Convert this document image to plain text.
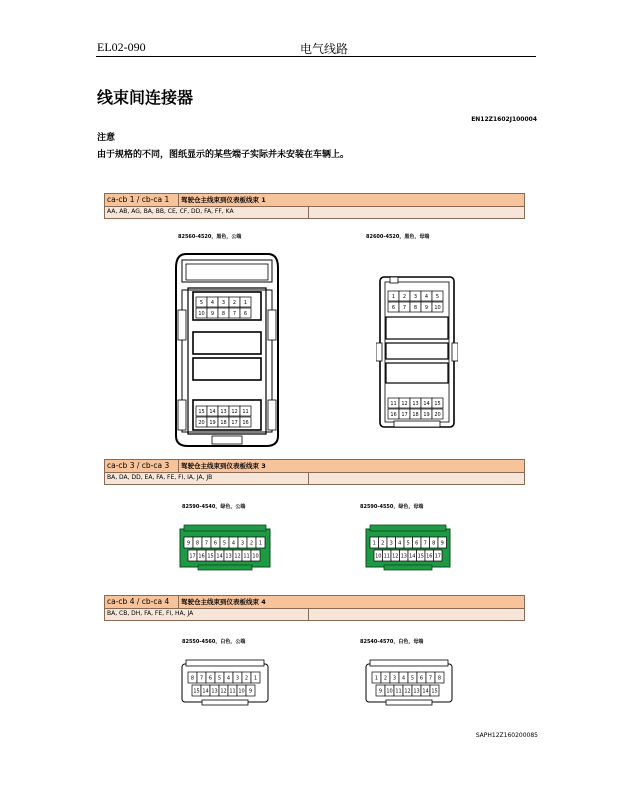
EL02-090	电气线路
线束间连接器
EN12Z1602J100004
注意
由于规格的不同，图纸显示的某些端子实际并未安装在车辆上。
ca-cb 1 / cb-ca 1	驾驶仓主线束到仪表板线束 1
AA, AB, AG, BA, BB, CE, CF, DD, FA, FF, KA
82560-4520，黑色，公端	82600-4520，黑色，母端
5 4 3 2 1
10 9 8 7 6
15 14 13 12 11
20 19 18 17 16
1 2 3 4 5
6 7 8 9 10
11 12 13 14 15
16 17 18 19 20
ca-cb 3 / cb-ca 3	驾驶仓主线束到仪表板线束 3
BA, DA, DD, EA, FA, FE, FI, IA, JA, JB
82590-4540，绿色，公端	82590-4550，绿色，母端
9 8 7 6 5 4 3 2 1
17 16 15 14 13 12 11 10
1 2 3 4 5 6 7 8 9
10 11 12 13 14 15 16 17
ca-cb 4 / cb-ca 4	驾驶仓主线束到仪表板线束 4
BA, CB, DH, FA, FE, FI, HA, JA
82550-4560，白色，公端	82540-4570，白色，母端
8 7 6 5 4 3 2 1
15 14 13 12 11 10 9
1 2 3 4 5 6 7 8
9 10 11 12 13 14 15
SAPH12Z160200085
